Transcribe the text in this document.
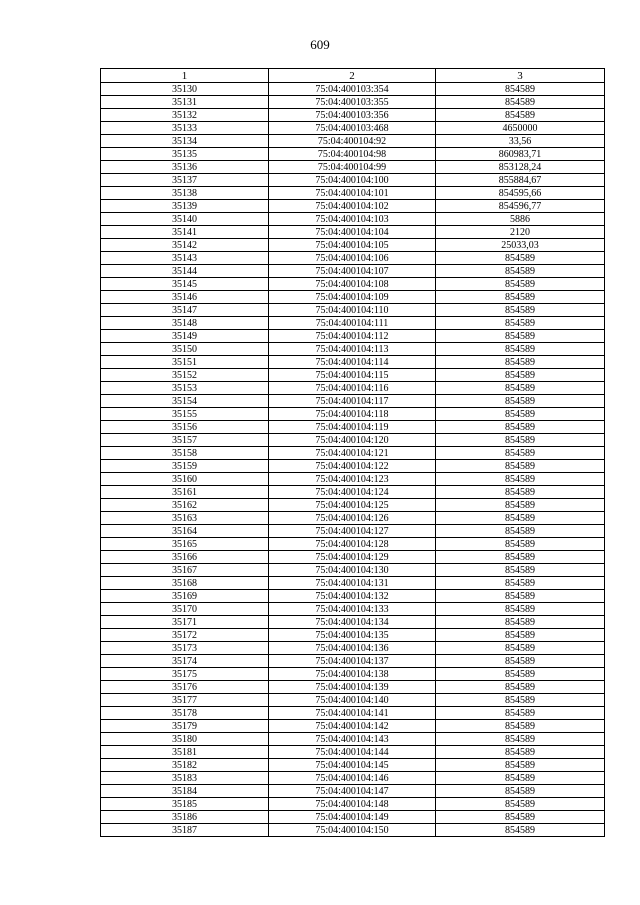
609
1	2	3
35130	75:04:400103:354	854589
35131	75:04:400103:355	854589
35132	75:04:400103:356	854589
35133	75:04:400103:468	4650000
35134	75:04:400104:92	33,56
35135	75:04:400104:98	860983,71
35136	75:04:400104:99	853128,24
35137	75:04:400104:100	855884,67
35138	75:04:400104:101	854595,66
35139	75:04:400104:102	854596,77
35140	75:04:400104:103	5886
35141	75:04:400104:104	2120
35142	75:04:400104:105	25033,03
35143	75:04:400104:106	854589
35144	75:04:400104:107	854589
35145	75:04:400104:108	854589
35146	75:04:400104:109	854589
35147	75:04:400104:110	854589
35148	75:04:400104:111	854589
35149	75:04:400104:112	854589
35150	75:04:400104:113	854589
35151	75:04:400104:114	854589
35152	75:04:400104:115	854589
35153	75:04:400104:116	854589
35154	75:04:400104:117	854589
35155	75:04:400104:118	854589
35156	75:04:400104:119	854589
35157	75:04:400104:120	854589
35158	75:04:400104:121	854589
35159	75:04:400104:122	854589
35160	75:04:400104:123	854589
35161	75:04:400104:124	854589
35162	75:04:400104:125	854589
35163	75:04:400104:126	854589
35164	75:04:400104:127	854589
35165	75:04:400104:128	854589
35166	75:04:400104:129	854589
35167	75:04:400104:130	854589
35168	75:04:400104:131	854589
35169	75:04:400104:132	854589
35170	75:04:400104:133	854589
35171	75:04:400104:134	854589
35172	75:04:400104:135	854589
35173	75:04:400104:136	854589
35174	75:04:400104:137	854589
35175	75:04:400104:138	854589
35176	75:04:400104:139	854589
35177	75:04:400104:140	854589
35178	75:04:400104:141	854589
35179	75:04:400104:142	854589
35180	75:04:400104:143	854589
35181	75:04:400104:144	854589
35182	75:04:400104:145	854589
35183	75:04:400104:146	854589
35184	75:04:400104:147	854589
35185	75:04:400104:148	854589
35186	75:04:400104:149	854589
35187	75:04:400104:150	854589
